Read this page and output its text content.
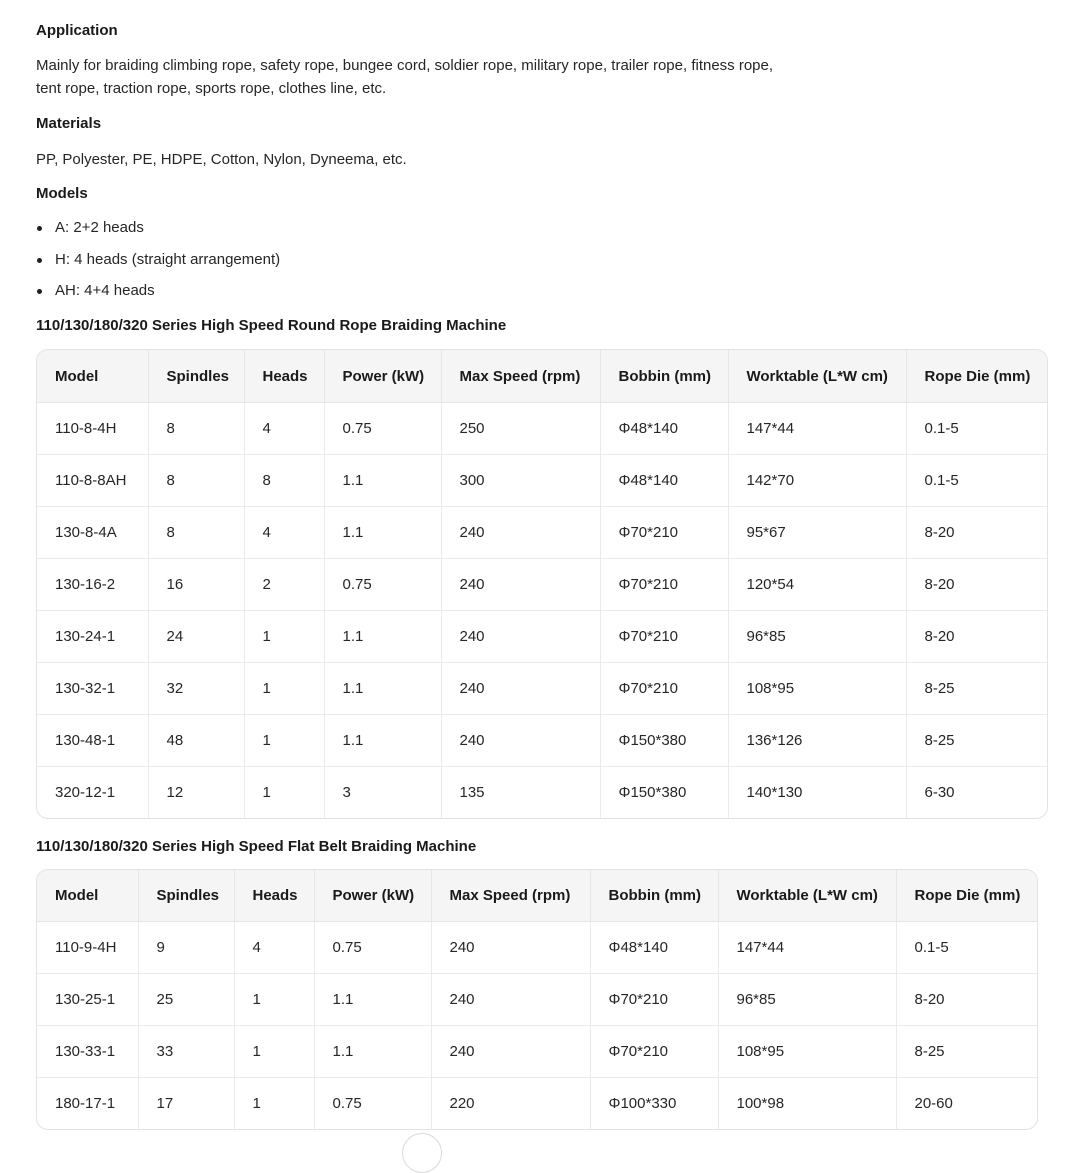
Application
Mainly for braiding climbing rope, safety rope, bungee cord, soldier rope, military rope, trailer rope, fitness rope,
tent rope, traction rope, sports rope, clothes line, etc.
Materials
PP, Polyester, PE, HDPE, Cotton, Nylon, Dyneema, etc.
Models
A: 2+2 heads
H: 4 heads (straight arrangement)
AH: 4+4 heads
110/130/180/320 Series High Speed Round Rope Braiding Machine
Model	Spindles	Heads	Power (kW)	Max Speed (rpm)	Bobbin (mm)	Worktable (L*W cm)	Rope Die (mm)
110-8-4H	8	4	0.75	250	Φ48*140	147*44	0.1-5
110-8-8AH	8	8	1.1	300	Φ48*140	142*70	0.1-5
130-8-4A	8	4	1.1	240	Φ70*210	95*67	8-20
130-16-2	16	2	0.75	240	Φ70*210	120*54	8-20
130-24-1	24	1	1.1	240	Φ70*210	96*85	8-20
130-32-1	32	1	1.1	240	Φ70*210	108*95	8-25
130-48-1	48	1	1.1	240	Φ150*380	136*126	8-25
320-12-1	12	1	3	135	Φ150*380	140*130	6-30
110/130/180/320 Series High Speed Flat Belt Braiding Machine
Model	Spindles	Heads	Power (kW)	Max Speed (rpm)	Bobbin (mm)	Worktable (L*W cm)	Rope Die (mm)
110-9-4H	9	4	0.75	240	Φ48*140	147*44	0.1-5
130-25-1	25	1	1.1	240	Φ70*210	96*85	8-20
130-33-1	33	1	1.1	240	Φ70*210	108*95	8-25
180-17-1	17	1	0.75	220	Φ100*330	100*98	20-60
